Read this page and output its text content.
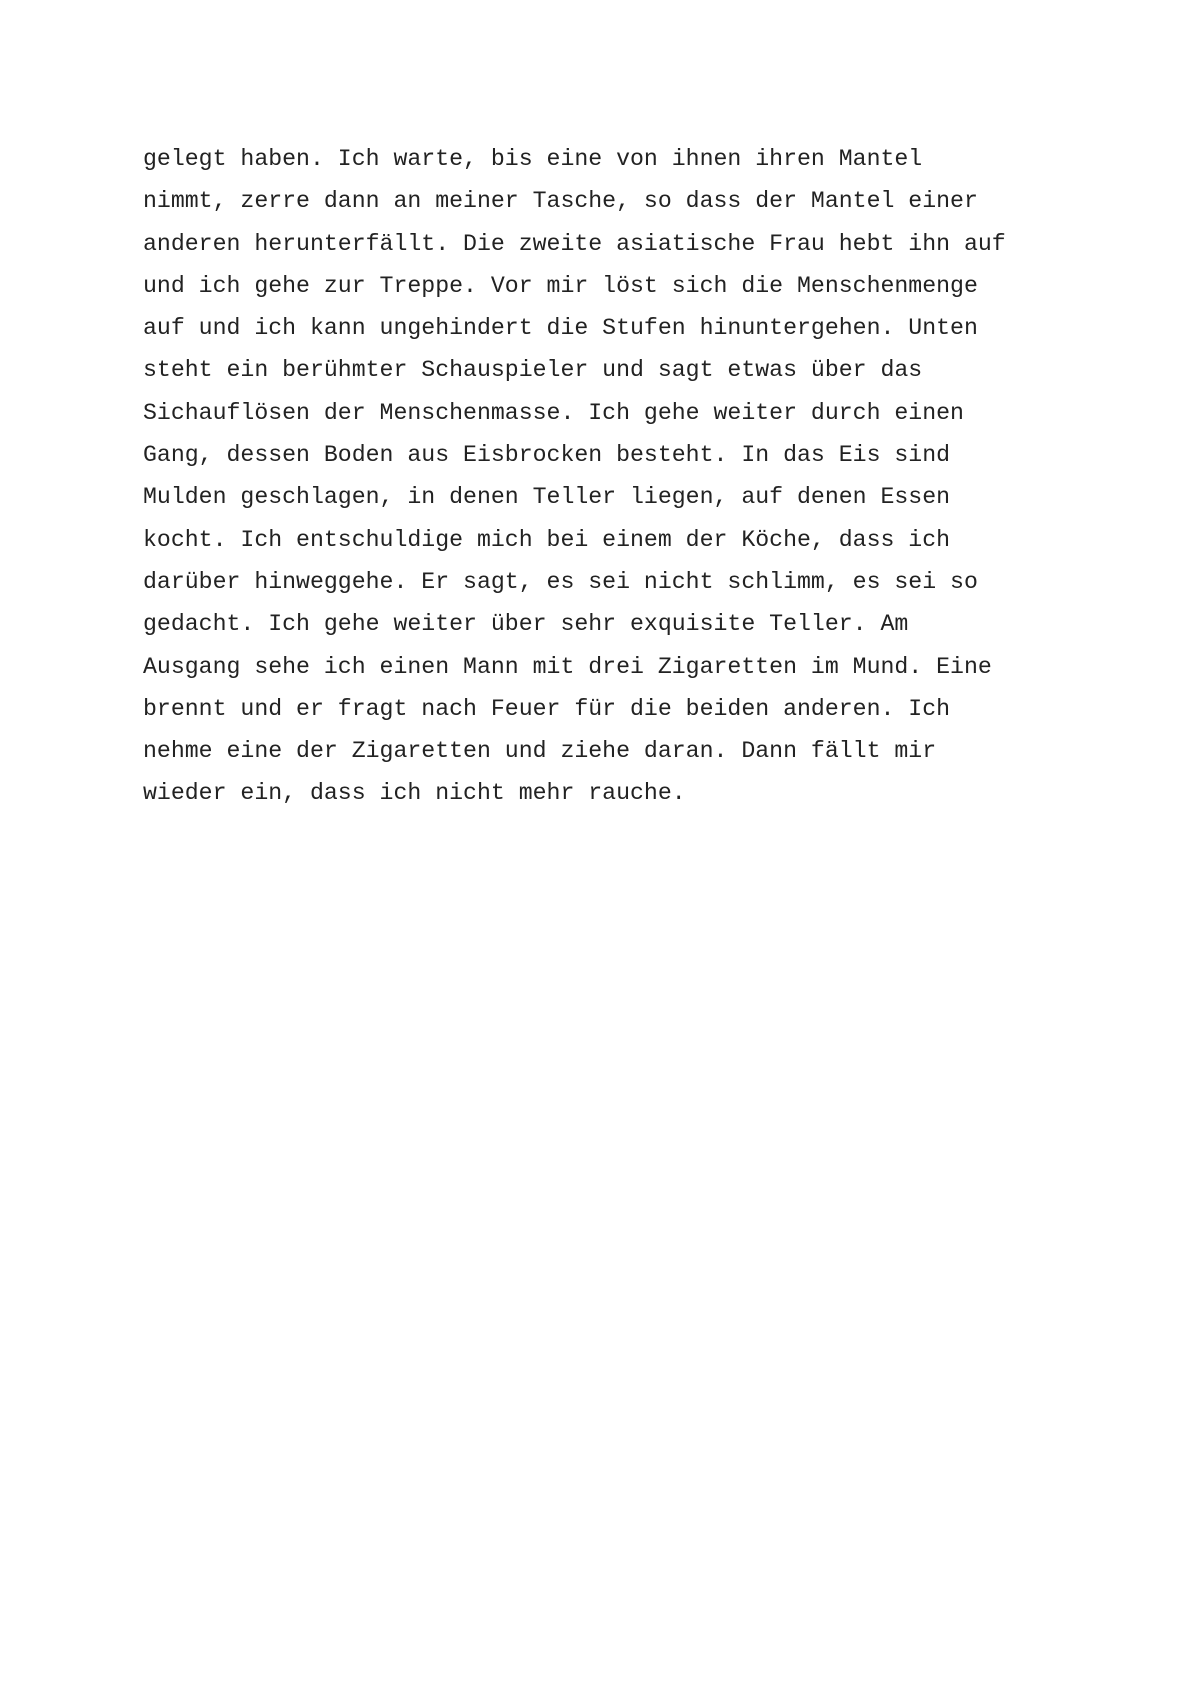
gelegt haben. Ich warte, bis eine von ihnen ihren Mantel
nimmt, zerre dann an meiner Tasche, so dass der Mantel einer
anderen herunterfällt. Die zweite asiatische Frau hebt ihn auf
und ich gehe zur Treppe. Vor mir löst sich die Menschenmenge
auf und ich kann ungehindert die Stufen hinuntergehen. Unten
steht ein berühmter Schauspieler und sagt etwas über das
Sichauflösen der Menschenmasse. Ich gehe weiter durch einen
Gang, dessen Boden aus Eisbrocken besteht. In das Eis sind
Mulden geschlagen, in denen Teller liegen, auf denen Essen
kocht. Ich entschuldige mich bei einem der Köche, dass ich
darüber hinweggehe. Er sagt, es sei nicht schlimm, es sei so
gedacht. Ich gehe weiter über sehr exquisite Teller. Am
Ausgang sehe ich einen Mann mit drei Zigaretten im Mund. Eine
brennt und er fragt nach Feuer für die beiden anderen. Ich
nehme eine der Zigaretten und ziehe daran. Dann fällt mir
wieder ein, dass ich nicht mehr rauche.
